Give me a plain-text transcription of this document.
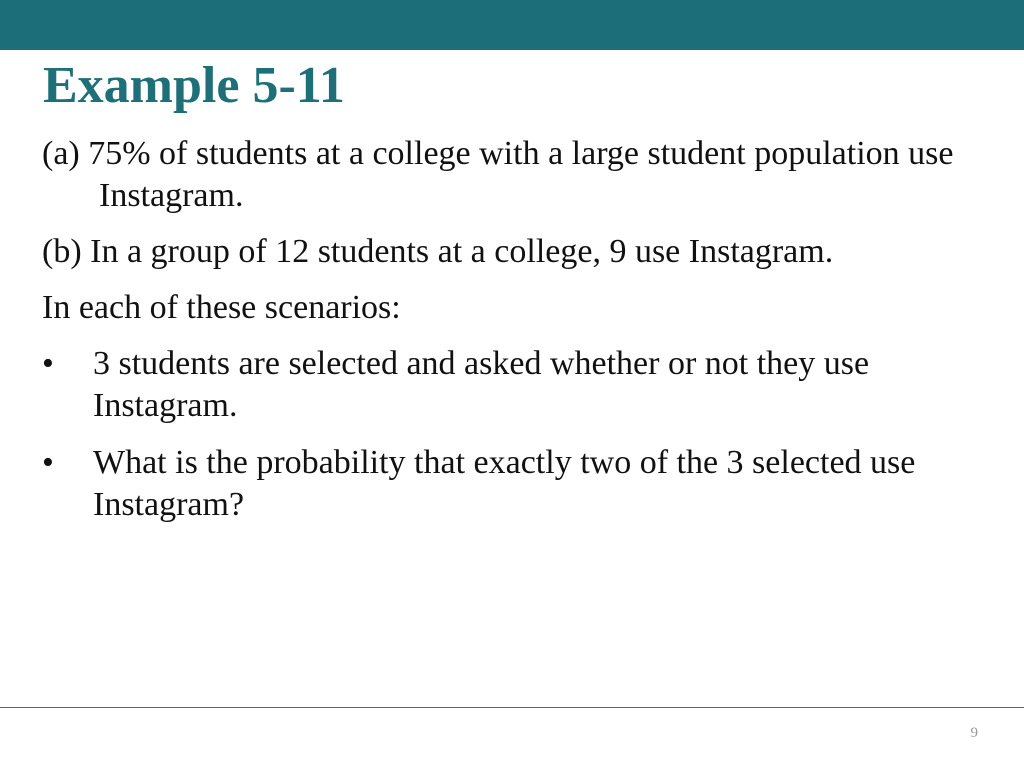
Example 5-11

(a) 75% of students at a college with a large student population use Instagram.

(b) In a group of 12 students at a college, 9 use Instagram.

In each of these scenarios:

• 3 students are selected and asked whether or not they use Instagram.
• What is the probability that exactly two of the 3 selected use Instagram?
9
